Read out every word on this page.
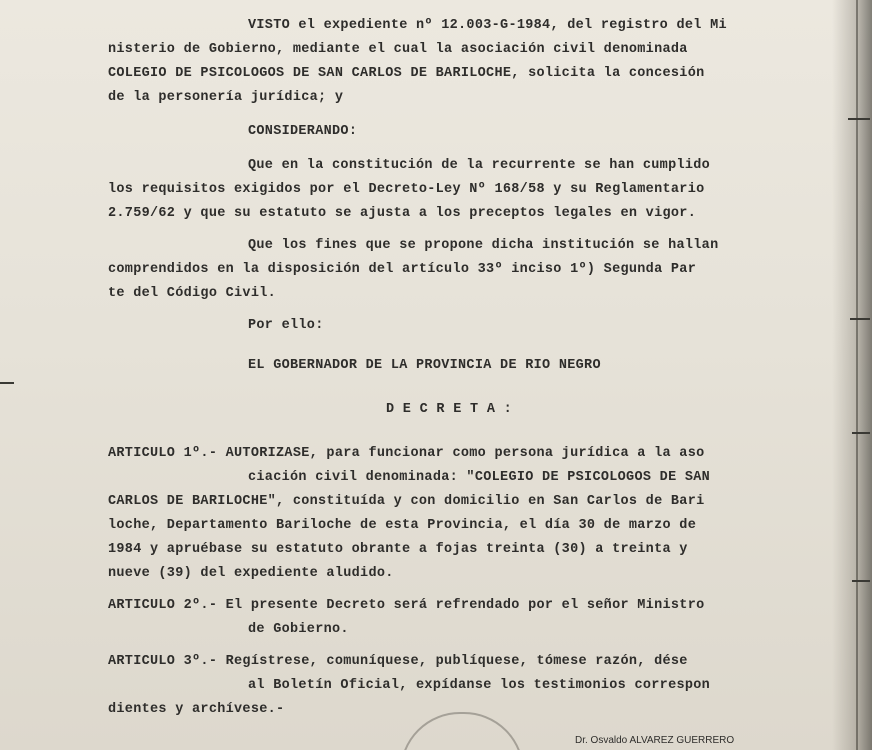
VISTO el expediente nº 12.003-G-1984, del registro del Mi
nisterio de Gobierno, mediante el cual la asociación civil denominada
COLEGIO DE PSICOLOGOS DE SAN CARLOS DE BARILOCHE, solicita la concesión
de la personería jurídica; y
CONSIDERANDO:
Que en la constitución de la recurrente se han cumplido
los requisitos exigidos por el Decreto-Ley Nº 168/58 y su Reglamentario
2.759/62 y que su estatuto se ajusta a los preceptos legales en vigor.
Que los fines que se propone dicha institución se hallan
comprendidos en la disposición del artículo 33º inciso 1º) Segunda Par
te del Código Civil.
Por ello:
EL GOBERNADOR DE LA PROVINCIA DE RIO NEGRO
D E C R E T A :
ARTICULO 1º.- AUTORIZASE, para funcionar como persona jurídica a la aso
ciación civil denominada: "COLEGIO DE PSICOLOGOS DE SAN
CARLOS DE BARILOCHE", constituída y con domicilio en San Carlos de Bari
loche, Departamento Bariloche de esta Provincia, el día 30 de marzo de
1984 y apruébase su estatuto obrante a fojas treinta (30) a treinta y
nueve (39) del expediente aludido.
ARTICULO 2º.- El presente Decreto será refrendado por el señor Ministro
de Gobierno.
ARTICULO 3º.- Regístrese, comuníquese, publíquese, tómese razón, dése
al Boletín Oficial, expídanse los testimonios correspon
dientes y archívese.-
Dr. Osvaldo ALVAREZ GUERRERO
